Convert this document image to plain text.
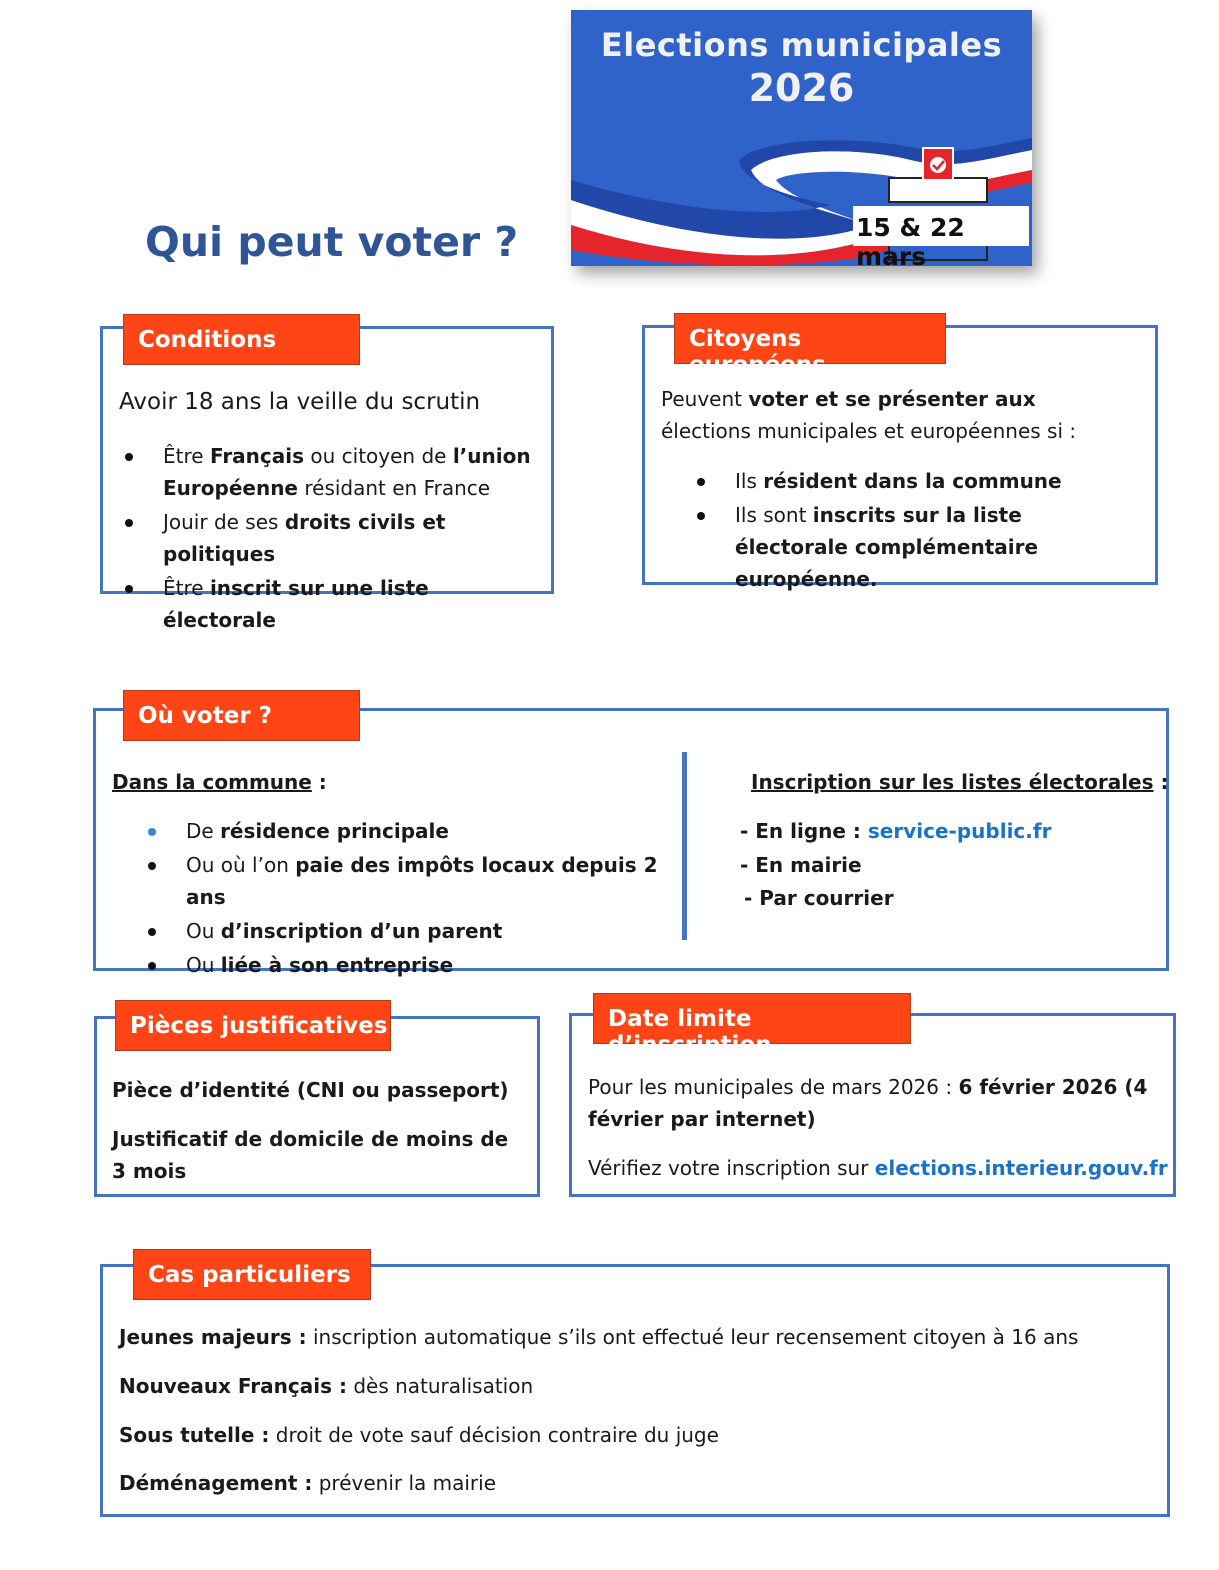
Qui peut voter ?
Elections municipales
2026
15 & 22 mars
Conditions
Avoir 18 ans la veille du scrutin
Être Français ou citoyen de l’union Européenne résidant en France
Jouir de ses droits civils et politiques
Être inscrit sur une liste électorale
Citoyens européens
Peuvent voter et se présenter aux élections municipales et européennes si :
Ils résident dans la commune
Ils sont inscrits sur la liste électorale complémentaire européenne.
Où voter ?
Dans la commune :
De résidence principale
Ou où l’on paie des impôts locaux depuis 2 ans
Ou d’inscription d’un parent
Ou liée à son entreprise
Inscription sur les listes électorales :
- En ligne : service-public.fr
- En mairie
- Par courrier
Pièces justificatives
Pièce d’identité (CNI ou passeport)
Justificatif de domicile de moins de 3 mois
Date limite d’inscription
Pour les municipales de mars 2026 : 6 février 2026 (4 février par internet)
Vérifiez votre inscription sur elections.interieur.gouv.fr
Cas particuliers
Jeunes majeurs : inscription automatique s’ils ont effectué leur recensement citoyen à 16 ans
Nouveaux Français : dès naturalisation
Sous tutelle : droit de vote sauf décision contraire du juge
Déménagement : prévenir la mairie
